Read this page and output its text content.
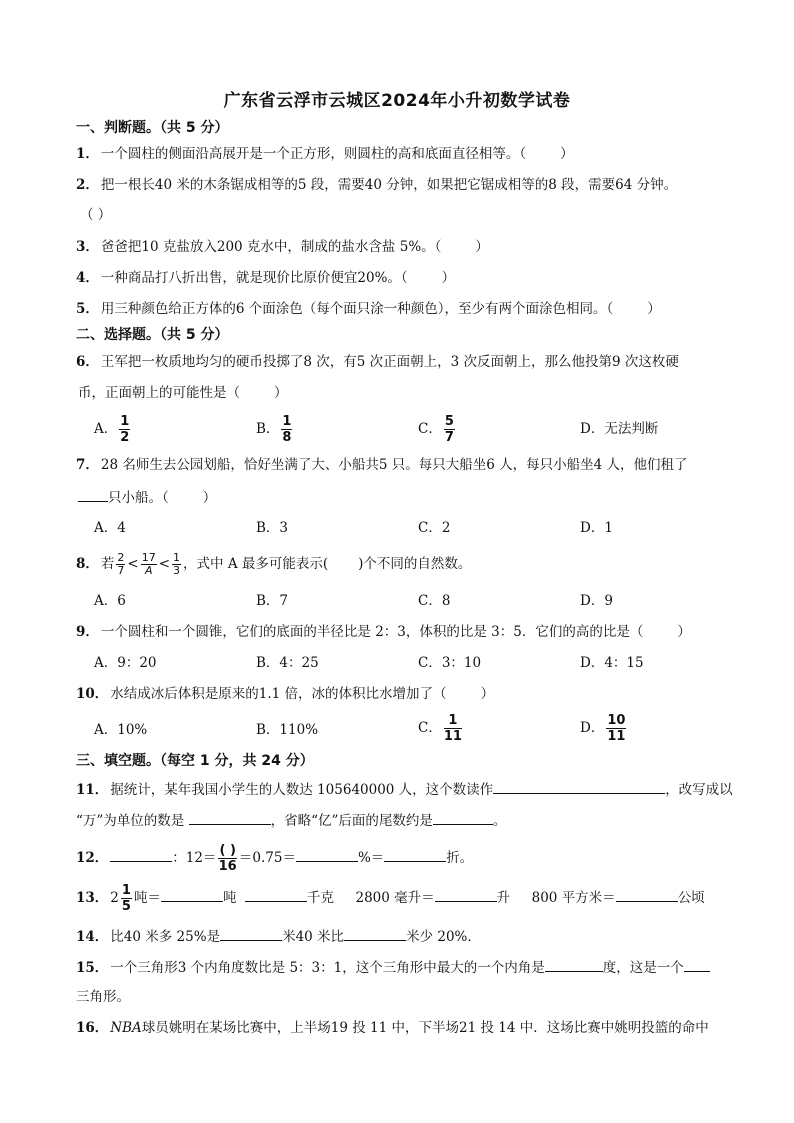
广东省云浮市云城区2024年小升初数学试卷
一、判断题。（共 5 分）
1． 一个圆柱的侧面沿高展开是一个正方形，则圆柱的高和底面直径相等。（	）
2． 把一根长40 米的木条锯成相等的5 段，需要40 分钟，如果把它锯成相等的8 段，需要64 分钟。
（ ）
3． 爸爸把10 克盐放入200 克水中，制成的盐水含盐 5%。（	）
4． 一种商品打八折出售，就是现价比原价便宜20%。（	）
5． 用三种颜色给正方体的6 个面涂色（每个面只涂一种颜色），至少有两个面涂色相同。（	）
二、选择题。（共 5 分）
6． 王军把一枚质地均匀的硬币投掷了8 次，有5 次正面朝上，3 次反面朝上，那么他投第9 次这枚硬
币，正面朝上的可能性是（	）
A． $\frac{1}{2}$	B． $\frac{1}{8}$	C． $\frac{5}{7}$	D．无法判断
7． 28 名师生去公园划船，恰好坐满了大、小船共5 只。每只大船坐6 人，每只小船坐4 人，他们租了
只小船。（	）
A．4	B．3	C．2	D．1
8． 若 $\frac{2}{7} < \frac{17}{A} < \frac{1}{3}$ ，式中 A 最多可能表示( )个不同的自然数。
A．6	B．7	C．8	D．9
9． 一个圆柱和一个圆锥，它们的底面的半径比是 2：3，体积的比是 3：5．它们的高的比是（	）
A．9：20	B．4：25	C．3：10	D．4：15
10． 水结成冰后体积是原来的1.1 倍，冰的体积比水增加了（	）
A．10%	B．110%	C． $\frac{1}{11}$	D． $\frac{10}{11}$
三、填空题。（每空 1 分，共 24 分）
11． 据统计，某年我国小学生的人数达 105640000 人，这个数读作	，改写成以
“万”为单位的数是	，省略“亿”后面的尾数约是	。
12．	：$12= \frac{( )}{16} =0.75=$	%＝	折。
13． $2 \frac{1}{5}$ 吨＝	吨	千克 2800 毫升＝	升 800 平方米＝	公顷
14． 比40 米多 25%是	米40 米比	米少 20%．
15． 一个三角形3 个内角度数比是 5：3：1，这个三角形中最大的一个内角是	度，这是一个
三角形。
16． NBA球员姚明在某场比赛中，上半场19 投 11 中，下半场21 投 14 中．这场比赛中姚明投篮的命中
